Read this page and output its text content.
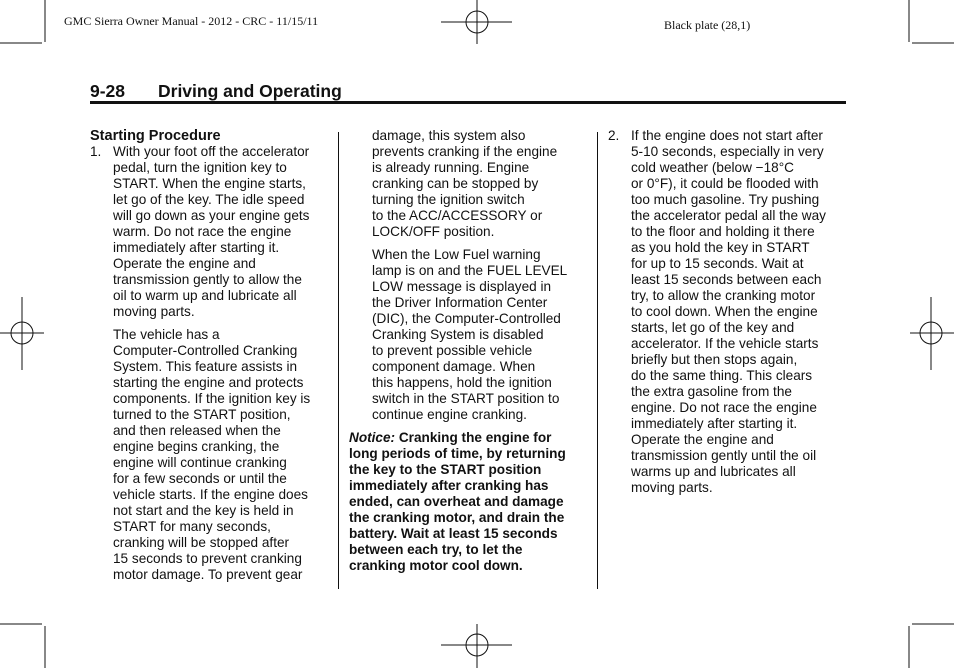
GMC Sierra Owner Manual - 2012 - CRC - 11/15/11	Black plate (28,1)
9-28 Driving and Operating

Starting Procedure

1. With your foot off the accelerator
pedal, turn the ignition key to
START. When the engine starts,
let go of the key. The idle speed
will go down as your engine gets
warm. Do not race the engine
immediately after starting it.
Operate the engine and
transmission gently to allow the
oil to warm up and lubricate all
moving parts.
The vehicle has a
Computer-Controlled Cranking
System. This feature assists in
starting the engine and protects
components. If the ignition key is
turned to the START position,
and then released when the
engine begins cranking, the
engine will continue cranking
for a few seconds or until the
vehicle starts. If the engine does
not start and the key is held in
START for many seconds,
cranking will be stopped after
15 seconds to prevent cranking
motor damage. To prevent gear
damage, this system also
prevents cranking if the engine
is already running. Engine
cranking can be stopped by
turning the ignition switch
to the ACC/ACCESSORY or
LOCK/OFF position.
When the Low Fuel warning
lamp is on and the FUEL LEVEL
LOW message is displayed in
the Driver Information Center
(DIC), the Computer-Controlled
Cranking System is disabled
to prevent possible vehicle
component damage. When
this happens, hold the ignition
switch in the START position to
continue engine cranking.
Notice: Cranking the engine for
long periods of time, by returning
the key to the START position
immediately after cranking has
ended, can overheat and damage
the cranking motor, and drain the
battery. Wait at least 15 seconds
between each try, to let the
cranking motor cool down.
2. If the engine does not start after
5-10 seconds, especially in very
cold weather (below −18°C
or 0°F), it could be flooded with
too much gasoline. Try pushing
the accelerator pedal all the way
to the floor and holding it there
as you hold the key in START
for up to 15 seconds. Wait at
least 15 seconds between each
try, to allow the cranking motor
to cool down. When the engine
starts, let go of the key and
accelerator. If the vehicle starts
briefly but then stops again,
do the same thing. This clears
the extra gasoline from the
engine. Do not race the engine
immediately after starting it.
Operate the engine and
transmission gently until the oil
warms up and lubricates all
moving parts.
